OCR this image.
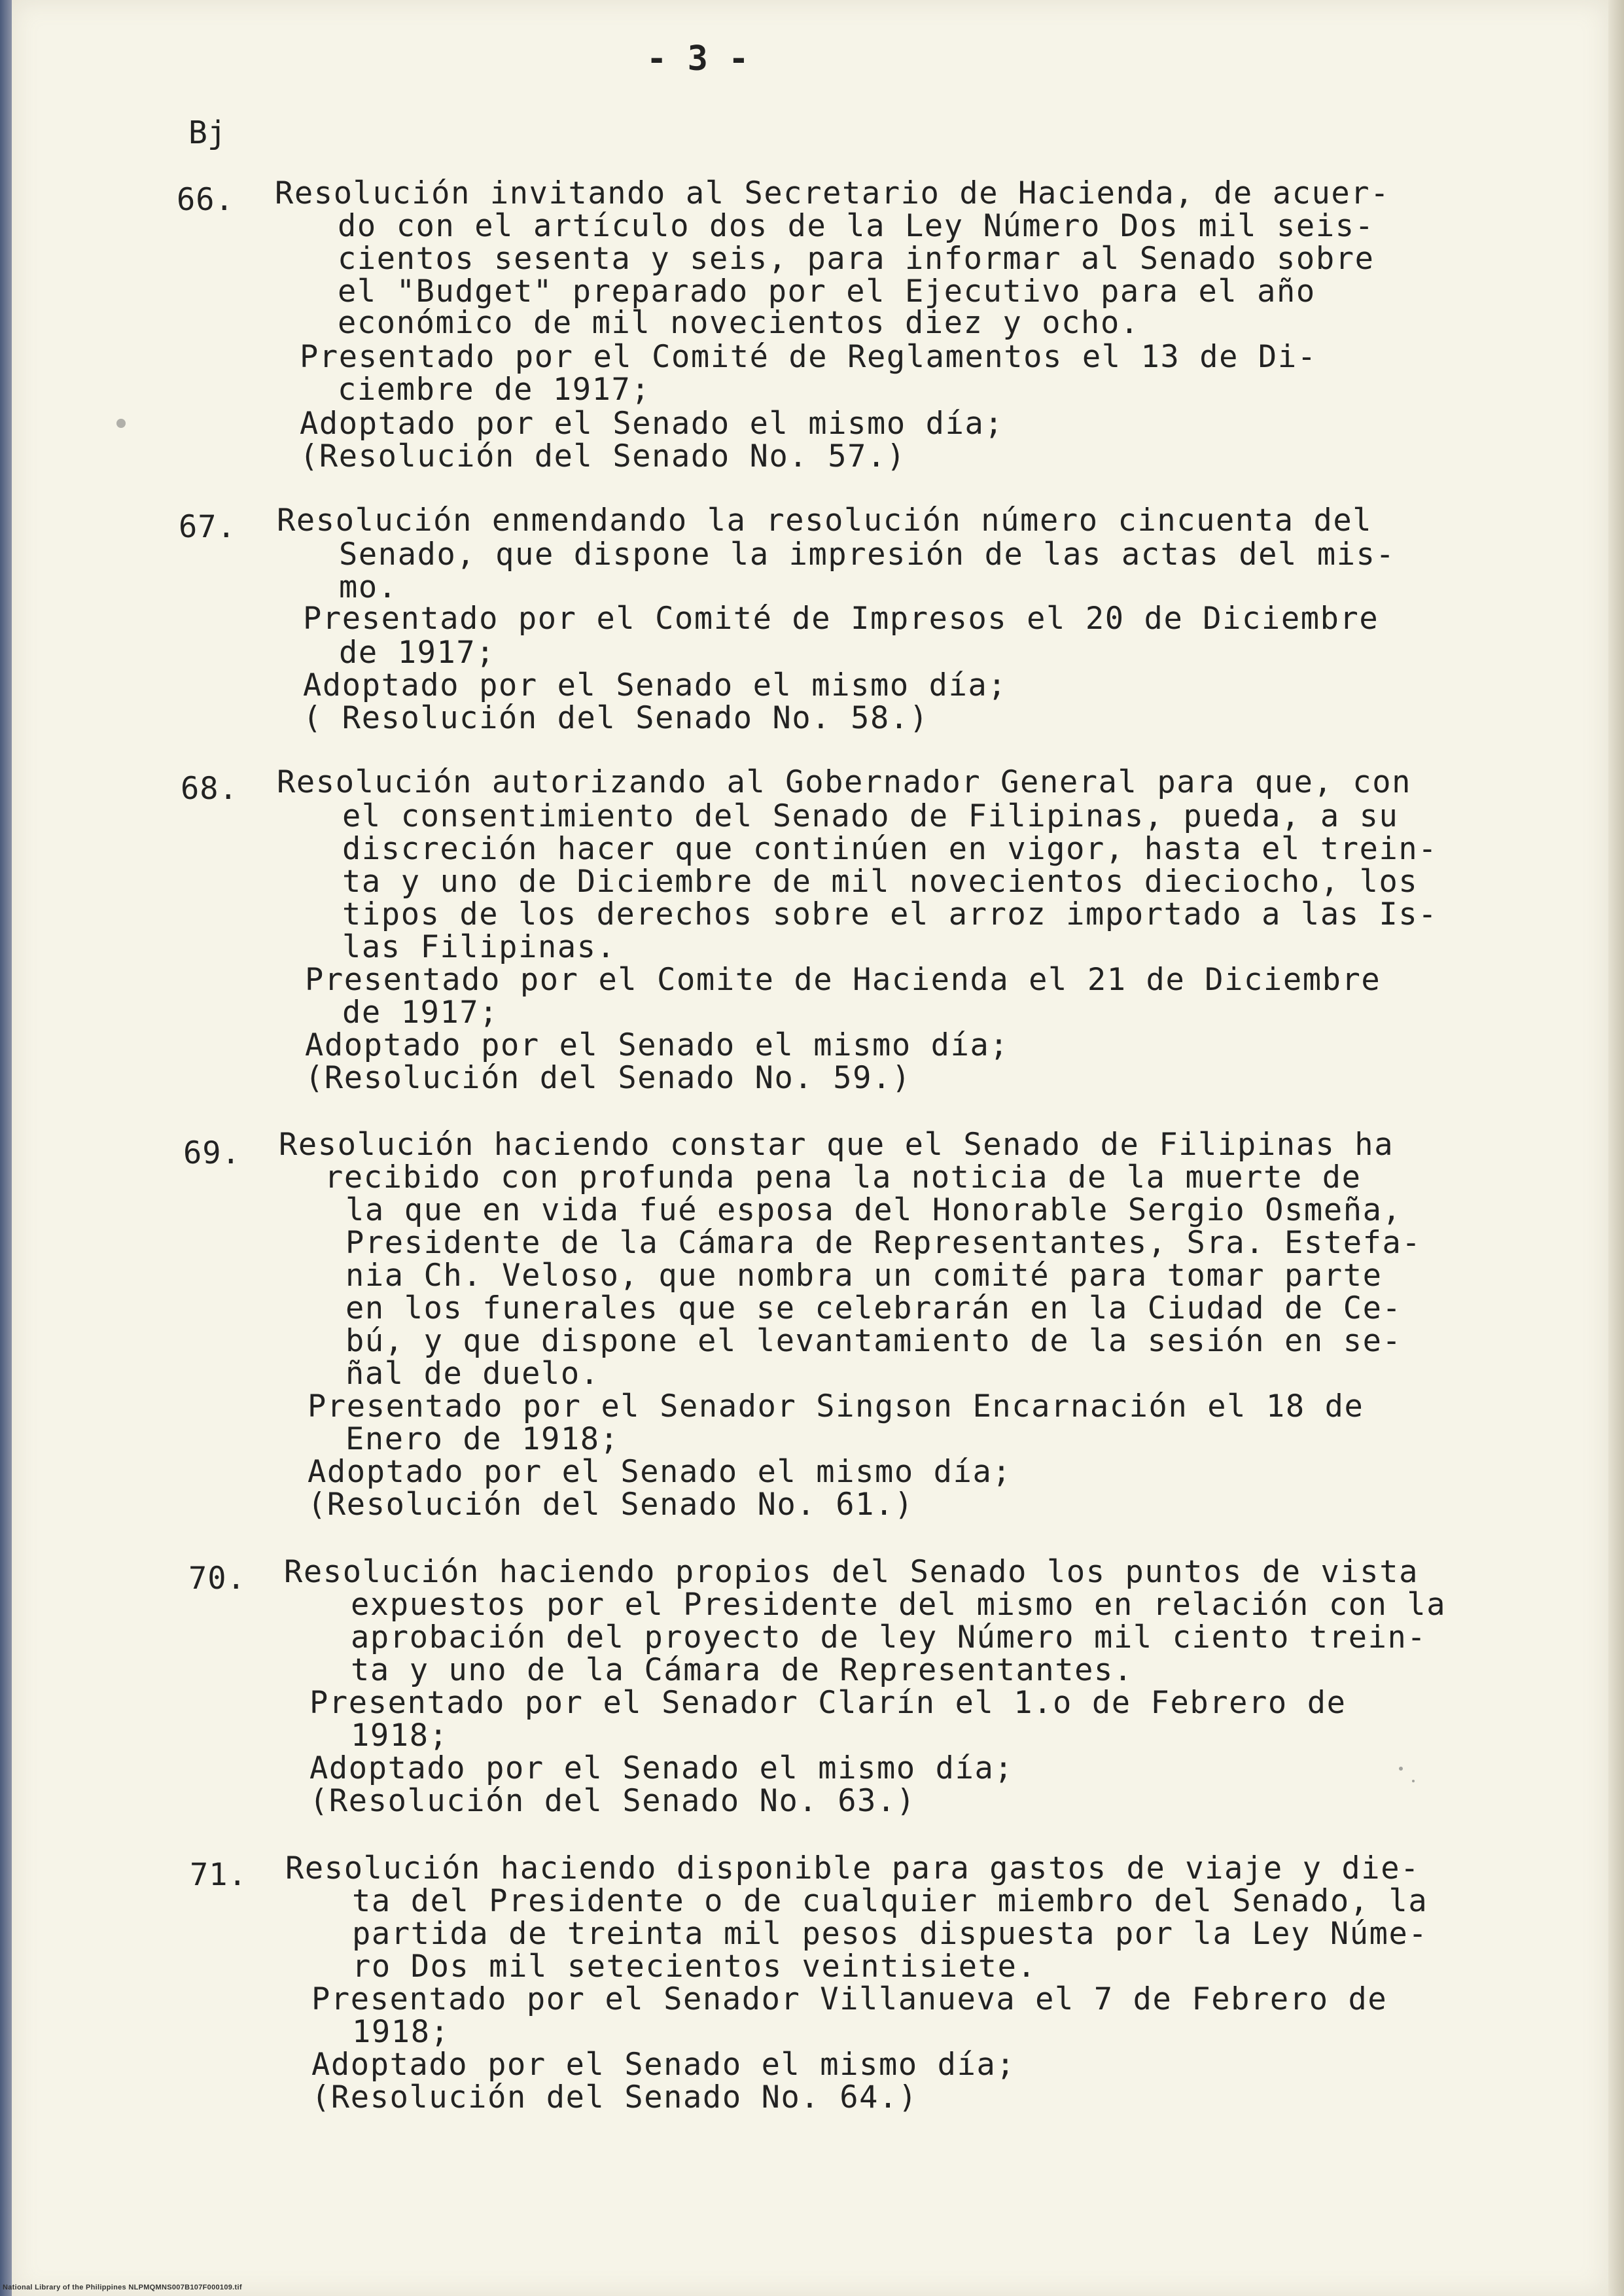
- 3 -
Bj
66. Resolución invitando al Secretario de Hacienda, de acuer-
do con el artículo dos de la Ley Número Dos mil seis-
cientos sesenta y seis, para informar al Senado sobre
el "Budget" preparado por el Ejecutivo para el año
económico de mil novecientos diez y ocho.
Presentado por el Comité de Reglamentos el 13 de Di-
ciembre de 1917;
Adoptado por el Senado el mismo día;
(Resolución del Senado No. 57.)
67. Resolución enmendando la resolución número cincuenta del
Senado, que dispone la impresión de las actas del mis-
mo.
Presentado por el Comité de Impresos el 20 de Diciembre
de 1917;
Adoptado por el Senado el mismo día;
( Resolución del Senado No. 58.)
68. Resolución autorizando al Gobernador General para que, con
el consentimiento del Senado de Filipinas, pueda, a su
discreción hacer que continúen en vigor, hasta el trein-
ta y uno de Diciembre de mil novecientos dieciocho, los
tipos de los derechos sobre el arroz importado a las Is-
las Filipinas.
Presentado por el Comite de Hacienda el 21 de Diciembre
de 1917;
Adoptado por el Senado el mismo día;
(Resolución del Senado No. 59.)
69. Resolución haciendo constar que el Senado de Filipinas ha
recibido con profunda pena la noticia de la muerte de
la que en vida fué esposa del Honorable Sergio Osmeña,
Presidente de la Cámara de Representantes, Sra. Estefa-
nia Ch. Veloso, que nombra un comité para tomar parte
en los funerales que se celebrarán en la Ciudad de Ce-
bú, y que dispone el levantamiento de la sesión en se-
ñal de duelo.
Presentado por el Senador Singson Encarnación el 18 de
Enero de 1918;
Adoptado por el Senado el mismo día;
(Resolución del Senado No. 61.)
70. Resolución haciendo propios del Senado los puntos de vista
expuestos por el Presidente del mismo en relación con la
aprobación del proyecto de ley Número mil ciento trein-
ta y uno de la Cámara de Representantes.
Presentado por el Senador Clarín el 1.o de Febrero de
1918;
Adoptado por el Senado el mismo día;
(Resolución del Senado No. 63.)
71. Resolución haciendo disponible para gastos de viaje y die-
ta del Presidente o de cualquier miembro del Senado, la
partida de treinta mil pesos dispuesta por la Ley Núme-
ro Dos mil setecientos veintisiete.
Presentado por el Senador Villanueva el 7 de Febrero de
1918;
Adoptado por el Senado el mismo día;
(Resolución del Senado No. 64.)
National Library of the Philippines NLPMQMNS007B107F000109.tif
